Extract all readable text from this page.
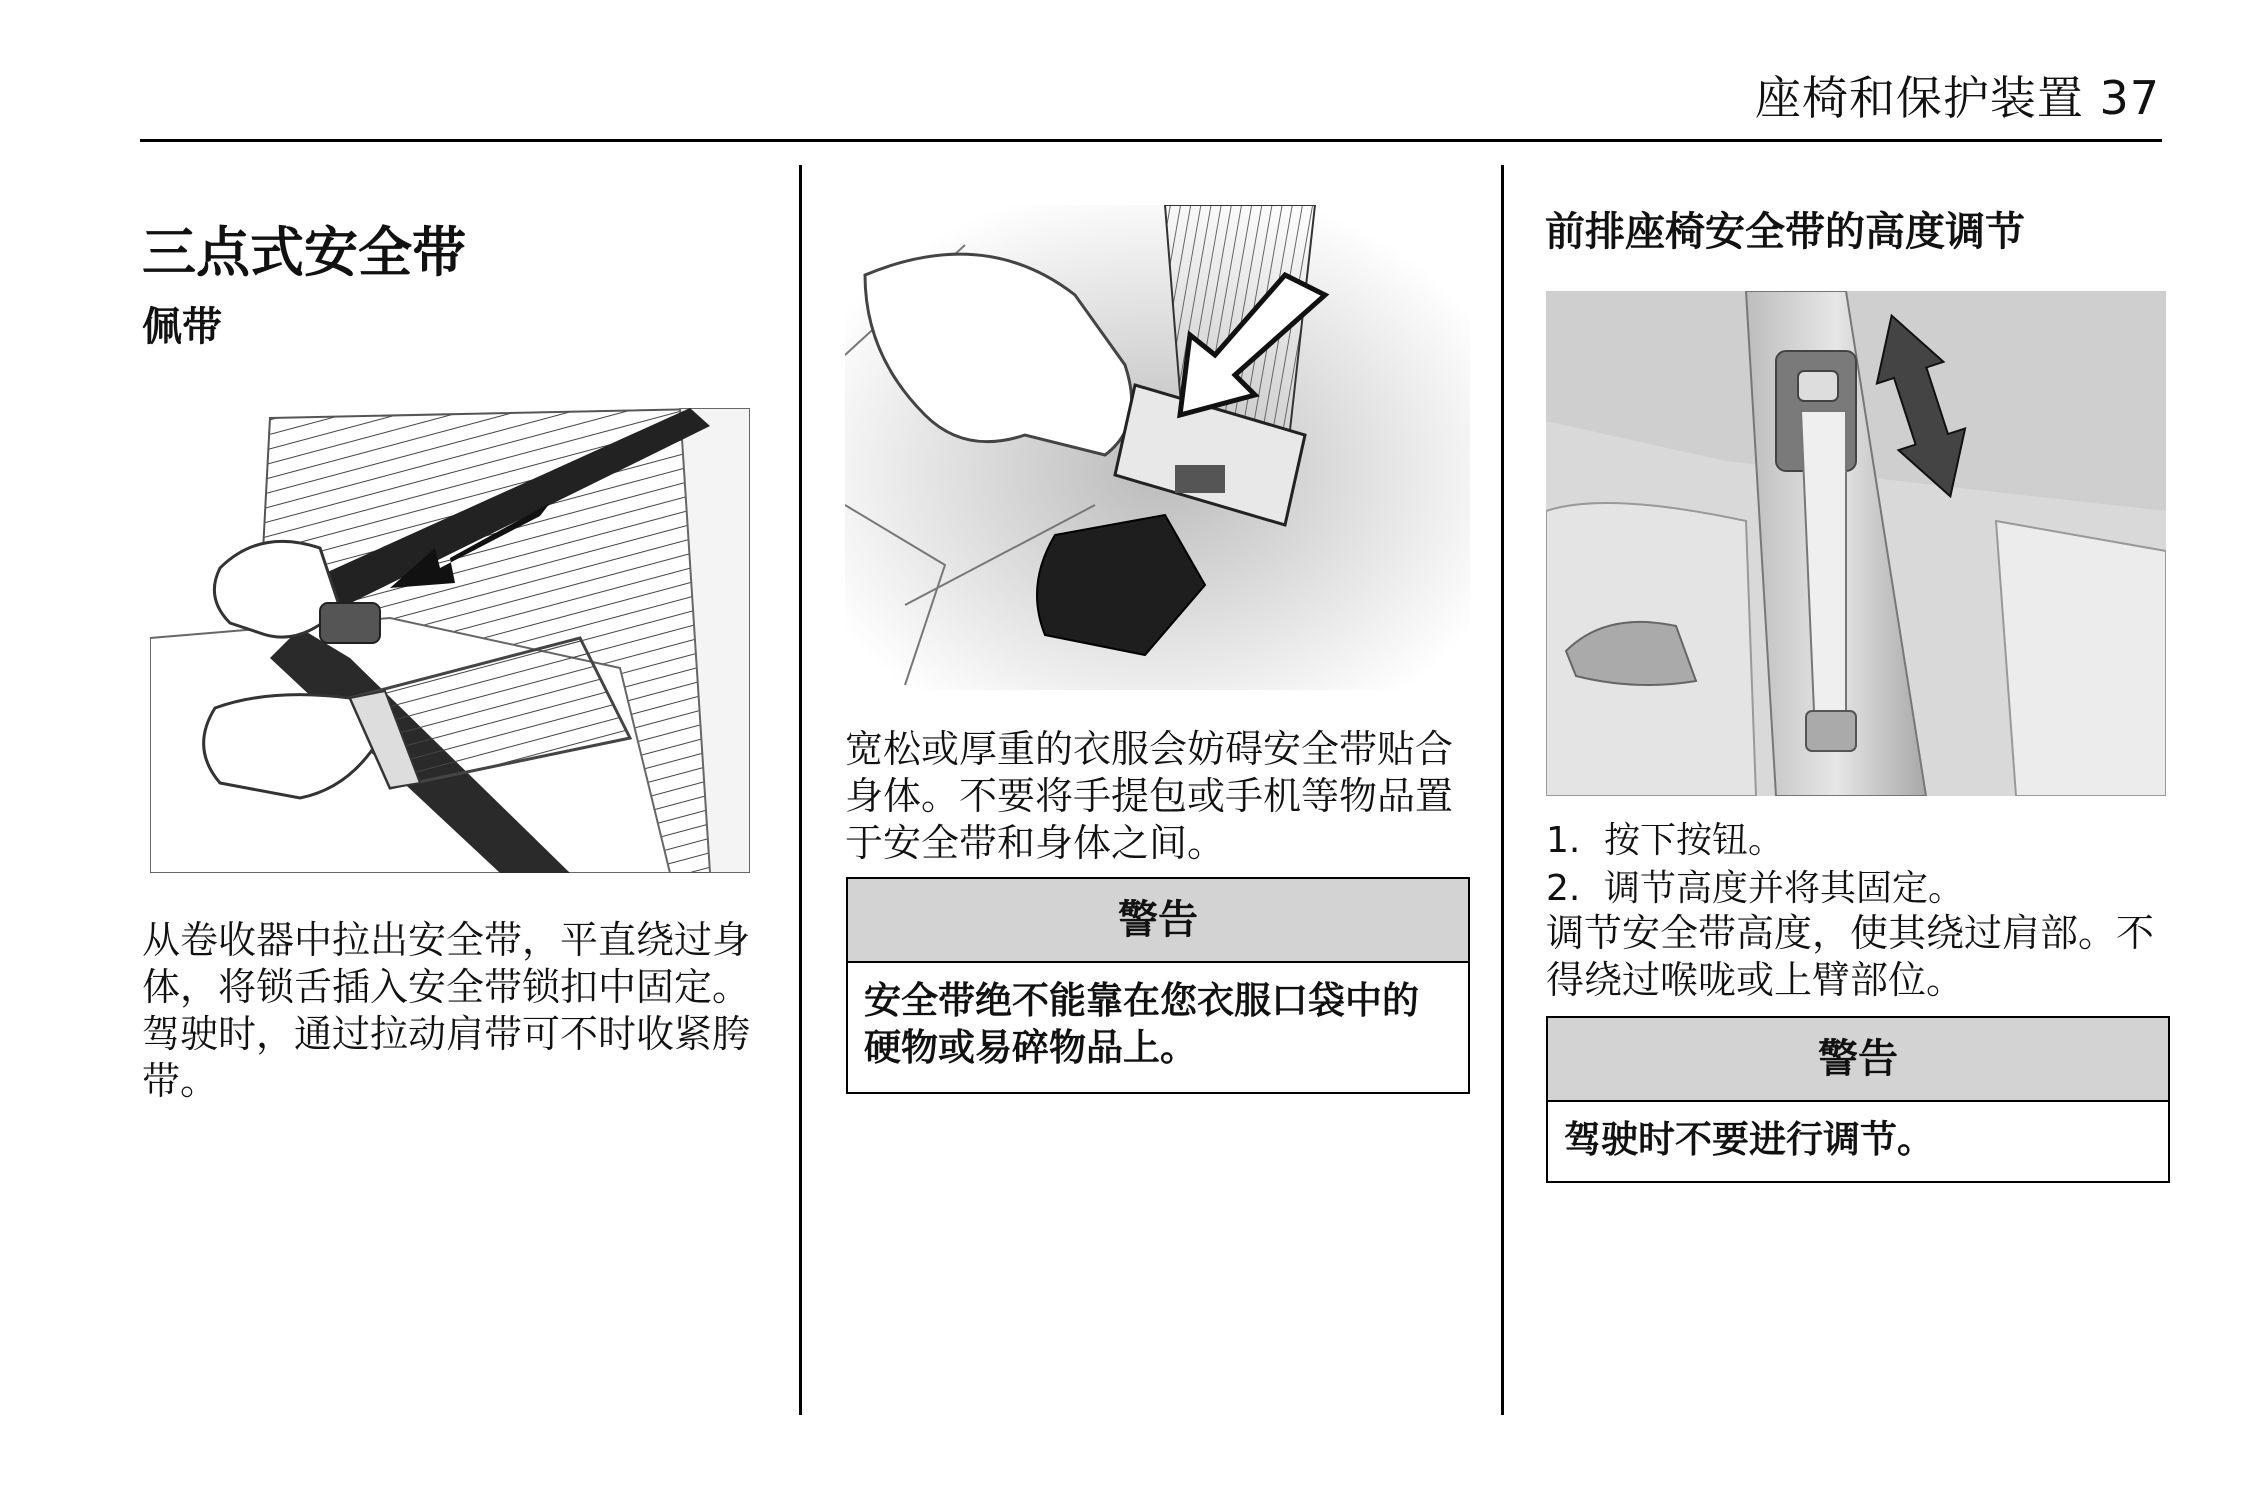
座椅和保护装置 37
三点式安全带
佩带

从卷收器中拉出安全带，平直绕过身

体，将锁舌插入安全带锁扣中固定。

驾驶时，通过拉动肩带可不时收紧胯

带。

宽松或厚重的衣服会妨碍安全带贴合

身体。不要将手提包或手机等物品置

于安全带和身体之间。

警告
安全带绝不能靠在您衣服口袋中的
硬物或易碎物品上。
前排座椅安全带的高度调节
1. 按下按钮。
2. 调节高度并将其固定。

调节安全带高度，使其绕过肩部。不

得绕过喉咙或上臂部位。

警告
驾驶时不要进行调节。
